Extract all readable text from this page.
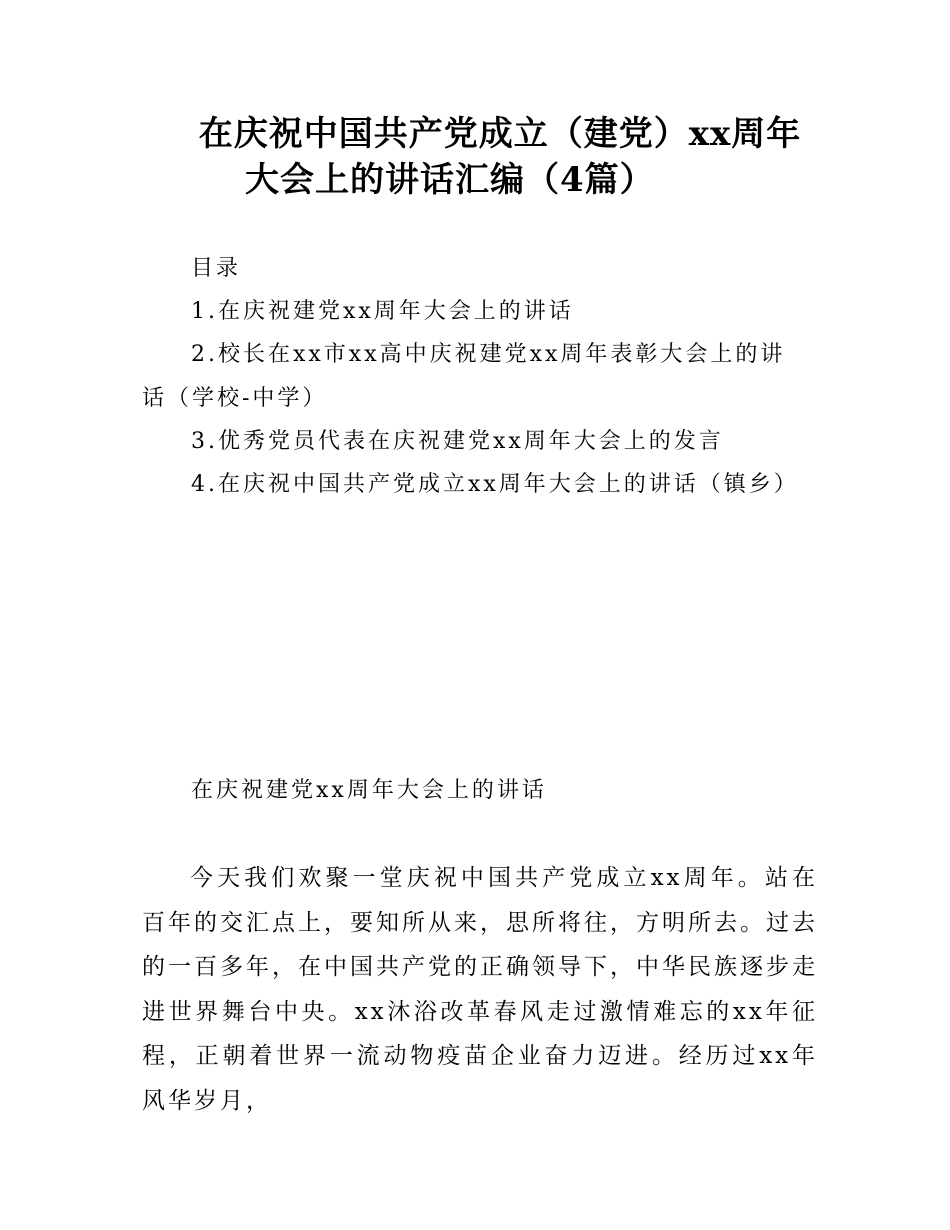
在庆祝中国共产党成立（建党）xx周年
大会上的讲话汇编（4篇）
目录
1.在庆祝建党xx周年大会上的讲话
2.校长在xx市xx高中庆祝建党xx周年表彰大会上的讲
话（学校-中学）
3.优秀党员代表在庆祝建党xx周年大会上的发言
4.在庆祝中国共产党成立xx周年大会上的讲话（镇乡）
在庆祝建党xx周年大会上的讲话
今天我们欢聚一堂庆祝中国共产党成立xx周年。站在百年的交汇点上，要知所从来，思所将往，方明所去。过去的一百多年，在中国共产党的正确领导下，中华民族逐步走进世界舞台中央。xx沐浴改革春风走过激情难忘的xx年征程，正朝着世界一流动物疫苗企业奋力迈进。经历过xx年风华岁月，
